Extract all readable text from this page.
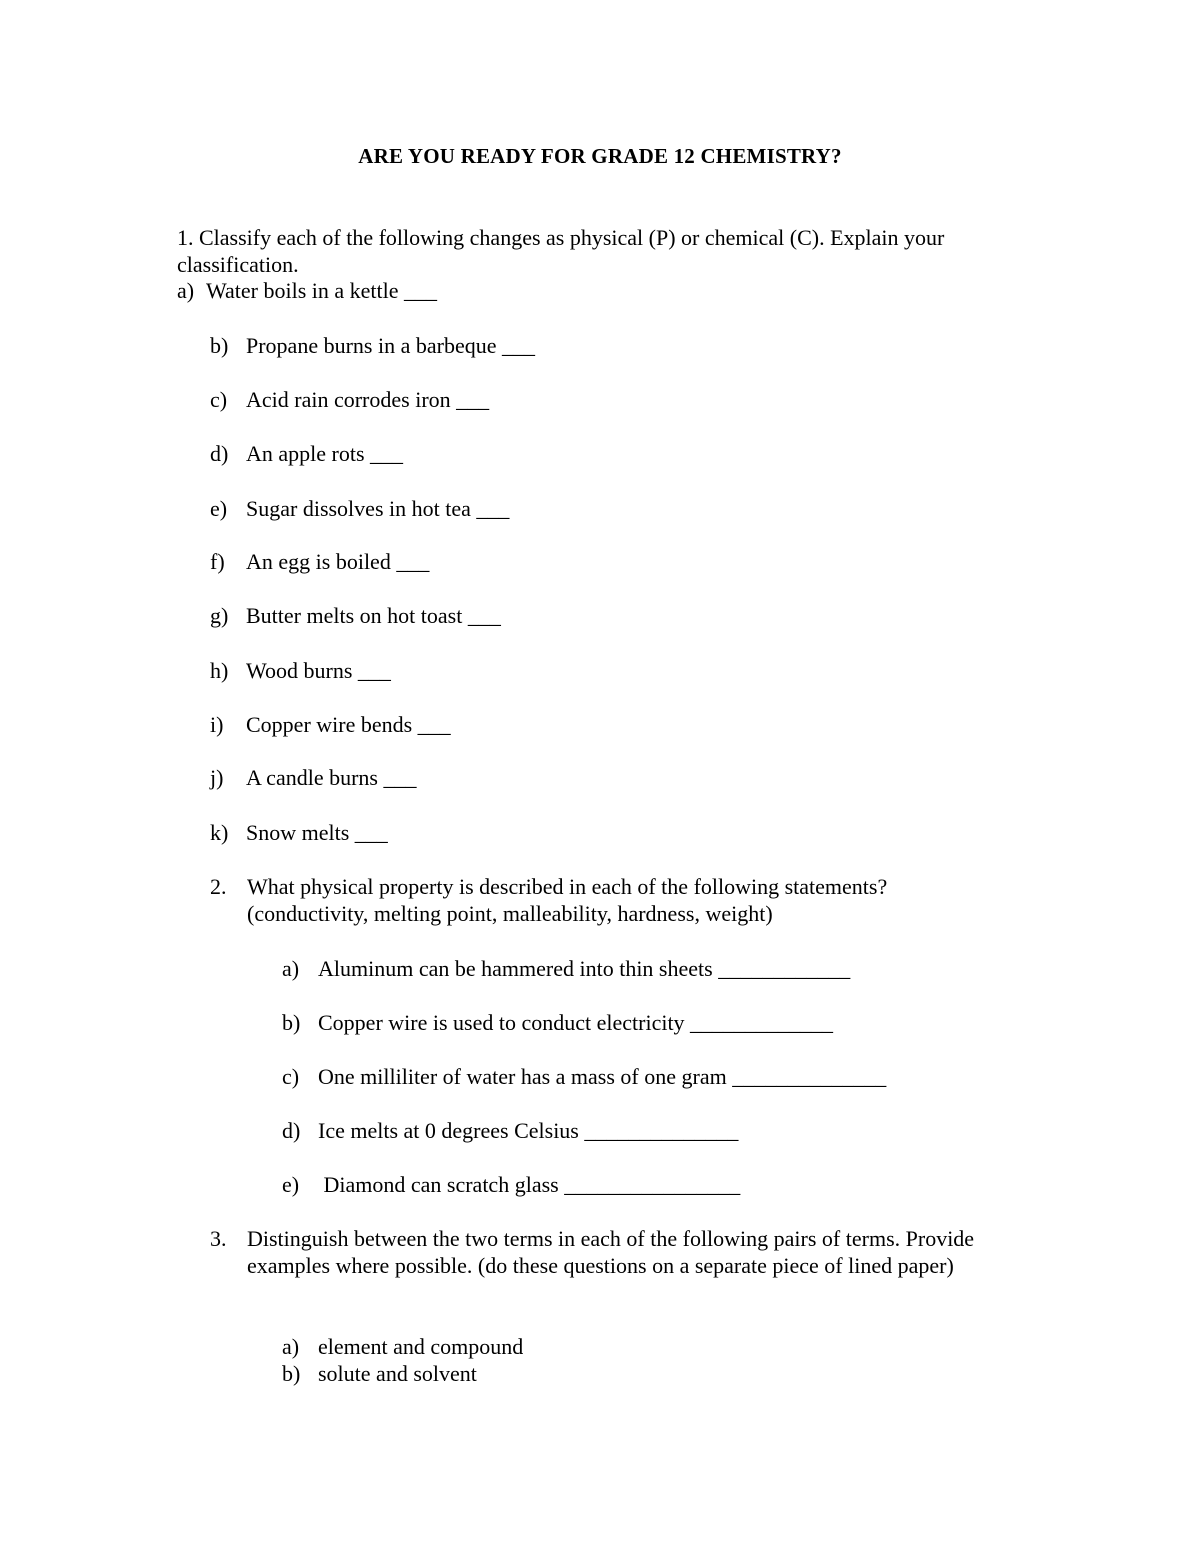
ARE YOU READY FOR GRADE 12 CHEMISTRY?
1. Classify each of the following changes as physical (P) or chemical (C). Explain your classification.
a) Water boils in a kettle ___
b) Propane burns in a barbeque ___
c) Acid rain corrodes iron ___
d) An apple rots ___
e) Sugar dissolves in hot tea ___
f) An egg is boiled ___
g) Butter melts on hot toast ___
h) Wood burns ___
i) Copper wire bends ___
j) A candle burns ___
k) Snow melts ___
2. What physical property is described in each of the following statements? (conductivity, melting point, malleability, hardness, weight)
a) Aluminum can be hammered into thin sheets ____________
b) Copper wire is used to conduct electricity _____________
c) One milliliter of water has a mass of one gram ______________
d) Ice melts at 0 degrees Celsius ______________
e) Diamond can scratch glass ________________
3. Distinguish between the two terms in each of the following pairs of terms. Provide examples where possible. (do these questions on a separate piece of lined paper)
a) element and compound
b) solute and solvent
